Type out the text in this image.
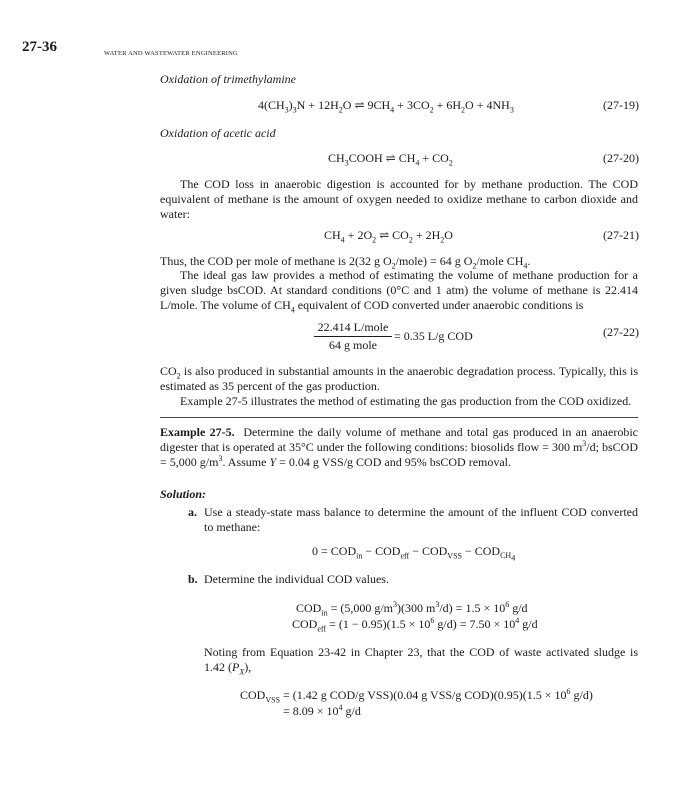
27-36	WATER AND WASTEWATER ENGINEERING
Oxidation of trimethylamine
$4(CH_3)_3N + 12H_2O$ ⇌ $9CH_4 + 3CO_2 + 6H_2O + 4NH_3$	(27-19)
Oxidation of acetic acid
$CH_3COOH$ ⇌ $CH_4 + CO_2$	(27-20)
The COD loss in anaerobic digestion is accounted for by methane production. The COD equivalent of methane is the amount of oxygen needed to oxidize methane to carbon dioxide and water:
$CH_4 + 2O_2$ ⇌ $CO_2 + 2H_2O$	(27-21)
Thus, the COD per mole of methane is 2(32 g $O_2/mole) = 64$ g $O_2$/mole $CH_4$.
The ideal gas law provides a method of estimating the volume of methane production for a given sludge bsCOD. At standard conditions (0°C and 1 atm) the volume of methane is 22.414 L/mole. The volume of $CH_4$ equivalent of COD converted under anaerobic conditions is
22.414 L/mole
64 g mole
= 0.35 L/g COD	(27-22)
$CO_2$ is also produced in substantial amounts in the anaerobic degradation process. Typically, this is estimated as 35 percent of the gas production.
Example 27-5 illustrates the method of estimating the gas production from the COD oxidized.
Example 27-5.  Determine the daily volume of methane and total gas produced in an anaerobic digester that is operated at 35°C under the following conditions: biosolids flow = 300 $m^3/d$; bsCOD = 5,000 $g/m^3$. Assume Y = 0.04 g VSS/g COD and 95% bsCOD removal.
Solution:
a. Use a steady-state mass balance to determine the amount of the influent COD converted to methane:
$0 = COD_{in} - COD_{eff} - COD_{VSS} - COD_{CH_4}$
b. Determine the individual COD values.
$COD_{in} = (5,000$ $g/m^3)(300$ $m^3/d) = 1.5 \times 10^6$ g/d
$COD_{eff} = (1 - 0.95)(1.5 \times 10^6$ $g/d) = 7.50 \times 10^4$ g/d
Noting from Equation 23-42 in Chapter 23, that the COD of waste activated sludge is 1.42 $(P_X)$,
$COD_{VSS} = (1.42$ g COD/g VSS)(0.04 g VSS/g $COD)(0.95)(1.5 \times 10^6$ g/d)
= $8.09 \times 10^4$ g/d
